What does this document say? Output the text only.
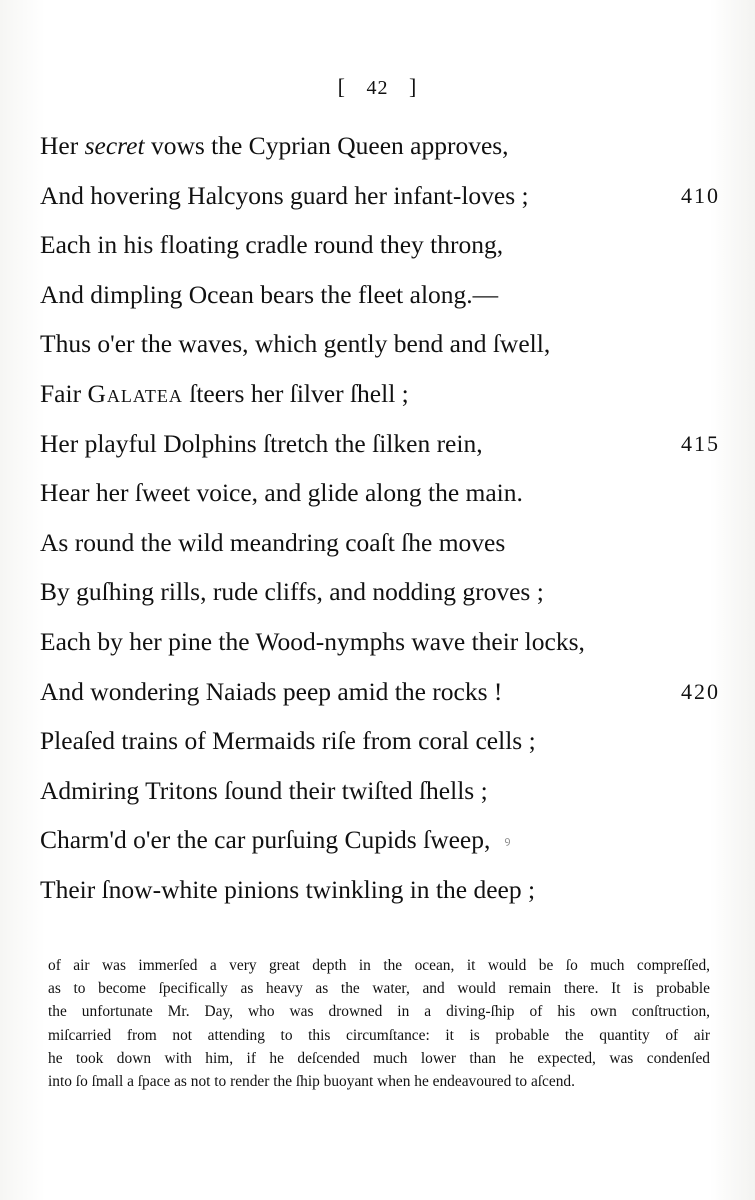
[ 42 ]
Her secret vows the Cyprian Queen approves,
And hovering Halcyons guard her infant-loves ;	410
Each in his floating cradle round they throng,
And dimpling Ocean bears the fleet along.—
Thus o'er the waves, which gently bend and ſwell,
Fair Galatea ſteers her ſilver ſhell ;
Her playful Dolphins ſtretch the ſilken rein,	415
Hear her ſweet voice, and glide along the main.
As round the wild meandring coaſt ſhe moves
By guſhing rills, rude cliffs, and nodding groves ;
Each by her pine the Wood-nymphs wave their locks,
And wondering Naiads peep amid the rocks !	420
Pleaſed trains of Mermaids riſe from coral cells ;
Admiring Tritons ſound their twiſted ſhells ;
Charm'd o'er the car purſuing Cupids ſweep, ꝰ
Their ſnow-white pinions twinkling in the deep ;
of air was immerſed a very great depth in the ocean, it would be ſo much compreſſed,
as to become ſpecifically as heavy as the water, and would remain there. It is probable
the unfortunate Mr. Day, who was drowned in a diving-ſhip of his own conſtruction,
miſcarried from not attending to this circumſtance: it is probable the quantity of air
he took down with him, if he deſcended much lower than he expected, was condenſed
into ſo ſmall a ſpace as not to render the ſhip buoyant when he endeavoured to aſcend.
